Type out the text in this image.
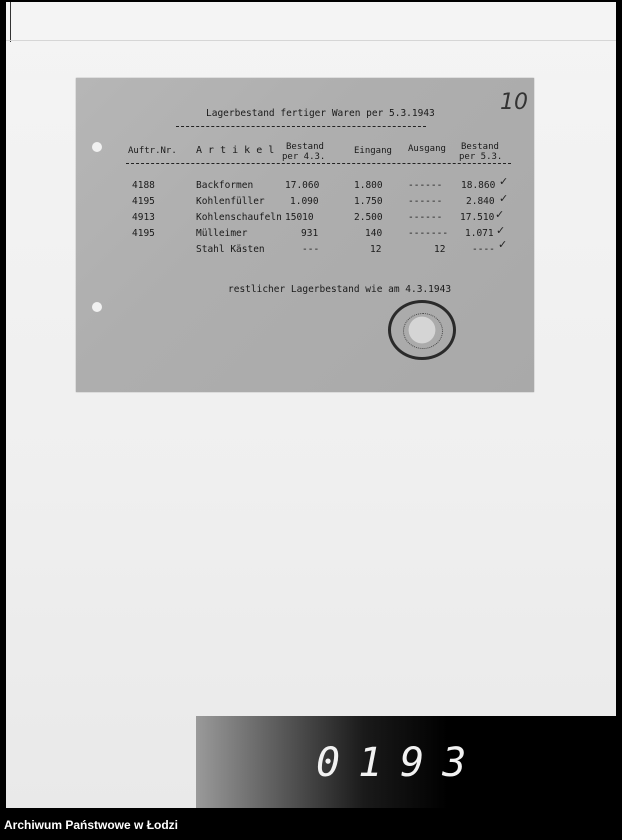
10
Lagerbestand fertiger Waren per 5.3.1943
Auftr.Nr. A r t i k e l	Bestand
per 4.3.
Eingang Ausgang Bestand
per 5.3.
4188	Backformen	17.060	1.800	------ 18.860 ✓
4195	Kohlenfüller	1.090	1.750	------ 2.840 ✓
4913	Kohlenschaufeln 15010	2.500	------ 17.510 ✓
4195	Mülleimer	931	140	------- 1.071 ✓
Stahl Kästen	---	12	12	---- ✓
restlicher Lagerbestand wie am 4.3.1943
0193
Archiwum Państwowe w Łodzi
